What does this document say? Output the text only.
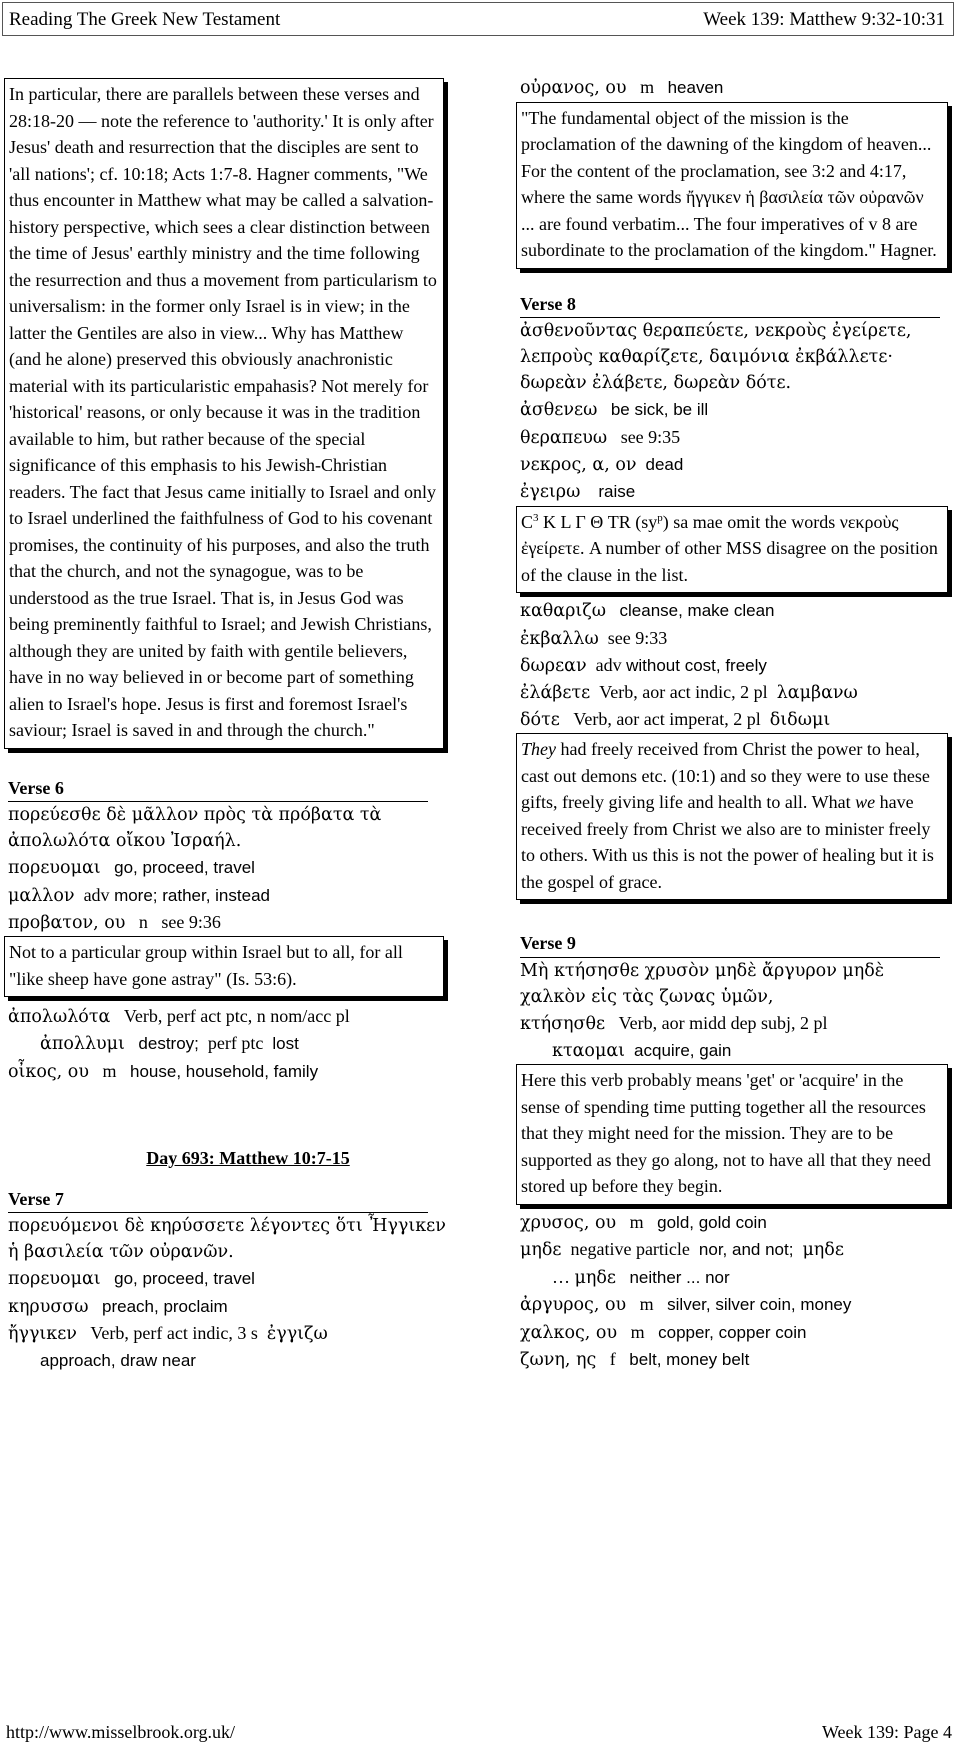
Reading The Greek New Testament	Week 139: Matthew 9:32-10:31
In particular, there are parallels between these verses and 28:18-20 — note the reference to 'authority.' It is only after Jesus' death and resurrection that the disciples are sent to 'all nations'; cf. 10:18; Acts 1:7-8. Hagner comments, "We thus encounter in Matthew what may be called a salvation-history perspective, which sees a clear distinction between the time of Jesus' earthly ministry and the time following the resurrection and thus a movement from particularism to universalism: in the former only Israel is in view; in the latter the Gentiles are also in view... Why has Matthew (and he alone) preserved this obviously anachronistic material with its particularistic empahasis? Not merely for 'historical' reasons, or only because it was in the tradition available to him, but rather because of the special significance of this emphasis to his Jewish-Christian readers. The fact that Jesus came initially to Israel and only to Israel underlined the faithfulness of God to his covenant promises, the continuity of his purposes, and also the truth that the church, and not the synagogue, was to be understood as the true Israel. That is, in Jesus God was being preminently faithful to Israel; and Jewish Christians, although they are united by faith with gentile believers, have in no way believed in or become part of something alien to Israel's hope. Jesus is first and foremost Israel's saviour; Israel is saved in and through the church."
Verse 6
πορεύεσθε δὲ μᾶλλον πρὸς τὰ πρόβατα τὰ ἀπολωλότα οἴκου Ἰσραήλ.
πορευομαι go, proceed, travel
μαλλον adv more; rather, instead
προβατον, ου n see 9:36
Not to a particular group within Israel but to all, for all "like sheep have gone astray" (Is. 53:6).
ἀπολωλότα Verb, perf act ptc, n nom/acc pl
ἀπολλυμι destroy; perf ptc lost
οἶκος, ου m house, household, family
Day 693: Matthew 10:7-15
Verse 7
πορευόμενοι δὲ κηρύσσετε λέγοντες ὅτι Ἦγγικεν ἡ βασιλεία τῶν οὐρανῶν.
πορευομαι go, proceed, travel
κηρυσσω preach, proclaim
ἤγγικεν Verb, perf act indic, 3 s ἐγγιζω
approach, draw near
οὐρανος, ου m heaven
"The fundamental object of the mission is the proclamation of the dawning of the kingdom of heaven... For the content of the proclamation, see 3:2 and 4:17, where the same words ἤγγικεν ἡ βασιλεία τῶν οὐρανῶν ... are found verbatim... The four imperatives of v 8 are subordinate to the proclamation of the kingdom." Hagner.
Verse 8
ἀσθενοῦντας θεραπεύετε, νεκροὺς ἐγείρετε, λεπροὺς καθαρίζετε, δαιμόνια ἐκβάλλετε· δωρεὰν ἐλάβετε, δωρεὰν δότε.
ἀσθενεω be sick, be ill
θεραπευω see 9:35
νεκρος, α, ον dead
ἐγειρω raise
$C^3$ K L Γ Θ TR $(sy^p)$ sa mae omit the words νεκροὺς ἐγείρετε. A number of other MSS disagree on the position of the clause in the list.
καθαριζω cleanse, make clean
ἐκβαλλω see 9:33
δωρεαν adv without cost, freely
ἐλάβετε Verb, aor act indic, 2 pl λαμβανω
δότε Verb, aor act imperat, 2 pl διδωμι
They had freely received from Christ the power to heal, cast out demons etc. (10:1) and so they were to use these gifts, freely giving life and health to all. What we have received freely from Christ we also are to minister freely to others. With us this is not the power of healing but it is the gospel of grace.
Verse 9
Μὴ κτήσησθε χρυσὸν μηδὲ ἄργυρον μηδὲ χαλκὸν εἰς τὰς ζωνας ὑμῶν,
κτήσησθε Verb, aor midd dep subj, 2 pl
κταομαι acquire, gain
Here this verb probably means 'get' or 'acquire' in the sense of spending time putting together all the resources that they might need for the mission. They are to be supported as they go along, not to have all that they need stored up before they begin.
χρυσος, ου m gold, gold coin
μηδε negative particle nor, and not; μηδε
… μηδε neither ... nor
ἀργυρος, ου m silver, silver coin, money
χαλκος, ου m copper, copper coin
ζωνη, ης f belt, money belt
http://www.misselbrook.org.uk/	Week 139: Page 4
